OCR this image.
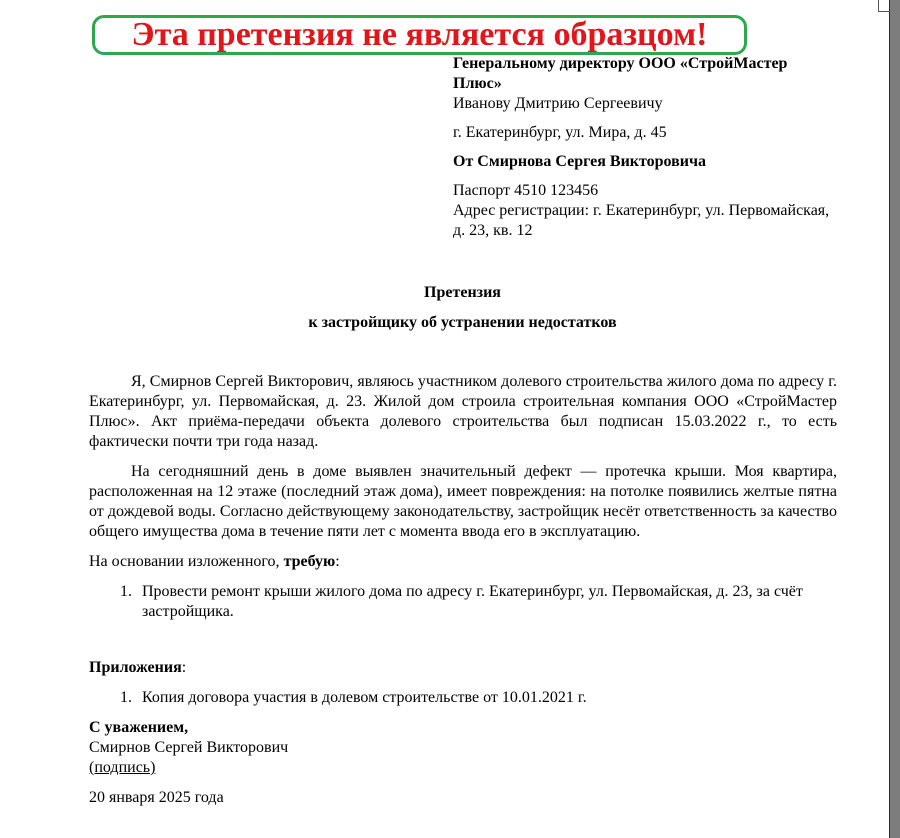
Эта претензия не является образцом!

Генеральному директору ООО «СтройМастер Плюс»

Иванову Дмитрию Сергеевичу

г. Екатеринбург, ул. Мира, д. 45

От Смирнова Сергея Викторовича

Паспорт 4510 123456

Адрес регистрации: г. Екатеринбург, ул. Первомайская, д. 23, кв. 12

Претензия
к застройщику об устранении недостатков

Я, Смирнов Сергей Викторович, являюсь участником долевого строительства жилого дома по адресу г. Екатеринбург, ул. Первомайская, д. 23. Жилой дом строила строительная компания ООО «СтройМастер Плюс». Акт приёма-передачи объекта долевого строительства был подписан 15.03.2022 г., то есть фактически почти три года назад.

На сегодняшний день в доме выявлен значительный дефект — протечка крыши. Моя квартира, расположенная на 12 этаже (последний этаж дома), имеет повреждения: на потолке появились желтые пятна от дождевой воды. Согласно действующему законодательству, застройщик несёт ответственность за качество общего имущества дома в течение пяти лет с момента ввода его в эксплуатацию.

На основании изложенного, требую:

1. Провести ремонт крыши жилого дома по адресу г. Екатеринбург, ул. Первомайская, д. 23, за счёт застройщика.

Приложения:

1. Копия договора участия в долевом строительстве от 10.01.2021 г.

С уважением,

Смирнов Сергей Викторович

(подпись)

20 января 2025 года
